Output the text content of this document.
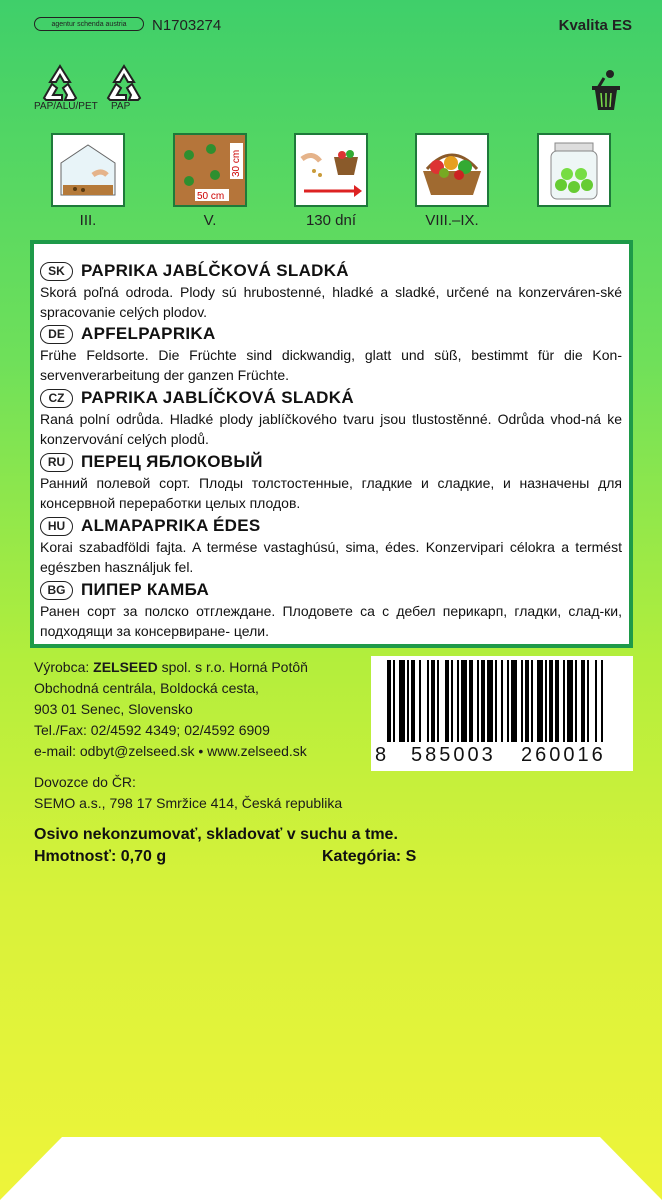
agentur schenda austria	N1703274	Kvalita ES
PAP/ALU/PET PAP
III.
50 cm
30 cm
V.	130 dní	VIII.–IX.
SK PAPRIKA JABĹČKOVÁ SLADKÁ
Skorá poľná odroda. Plody sú hrubostenné, hladké a sladké, určené na konzerváren-ské spracovanie celých plodov.
DE APFELPAPRIKA
Frühe Feldsorte. Die Früchte sind dickwandig, glatt und süß, bestimmt für die Kon-servenverarbeitung der ganzen Früchte.
CZ PAPRIKA JABLÍČKOVÁ SLADKÁ
Raná polní odrůda. Hladké plody jablíčkového tvaru jsou tlustostěnné. Odrůda vhod-ná ke konzervování celých plodů.
RU ПЕРЕЦ ЯБЛОКОВЫЙ
Ранний полевой сорт. Плоды толстостенные, гладкие и сладкие, и назначены для консервной переработки целых плодов.
HU ALMAPAPRIKA ÉDES
Korai szabadföldi fajta. A termése vastaghúsú, sima, édes. Konzervipari célokra a termést egészben használjuk fel.
BG ПИПЕР КАМБА
Ранен сорт за полско отглеждане. Плодовете са с дебел перикарп, гладки, слад-ки, подходящи за консервиране- цели.
Výrobca: ZELSEED spol. s r.o. Horná Potôň
Obchodná centrála, Boldocká cesta,
903 01 Senec, Slovensko
Tel./Fax: 02/4592 4349; 02/4592 6909
e-mail: odbyt@zelseed.sk • www.zelseed.sk
Dovozce do ČR:
SEMO a.s., 798 17 Smržice 414, Česká republika
Osivo nekonzumovať, skladovať v suchu a tme.
Hmotnosť: 0,70 g	Kategória: S
8 585003 260016
